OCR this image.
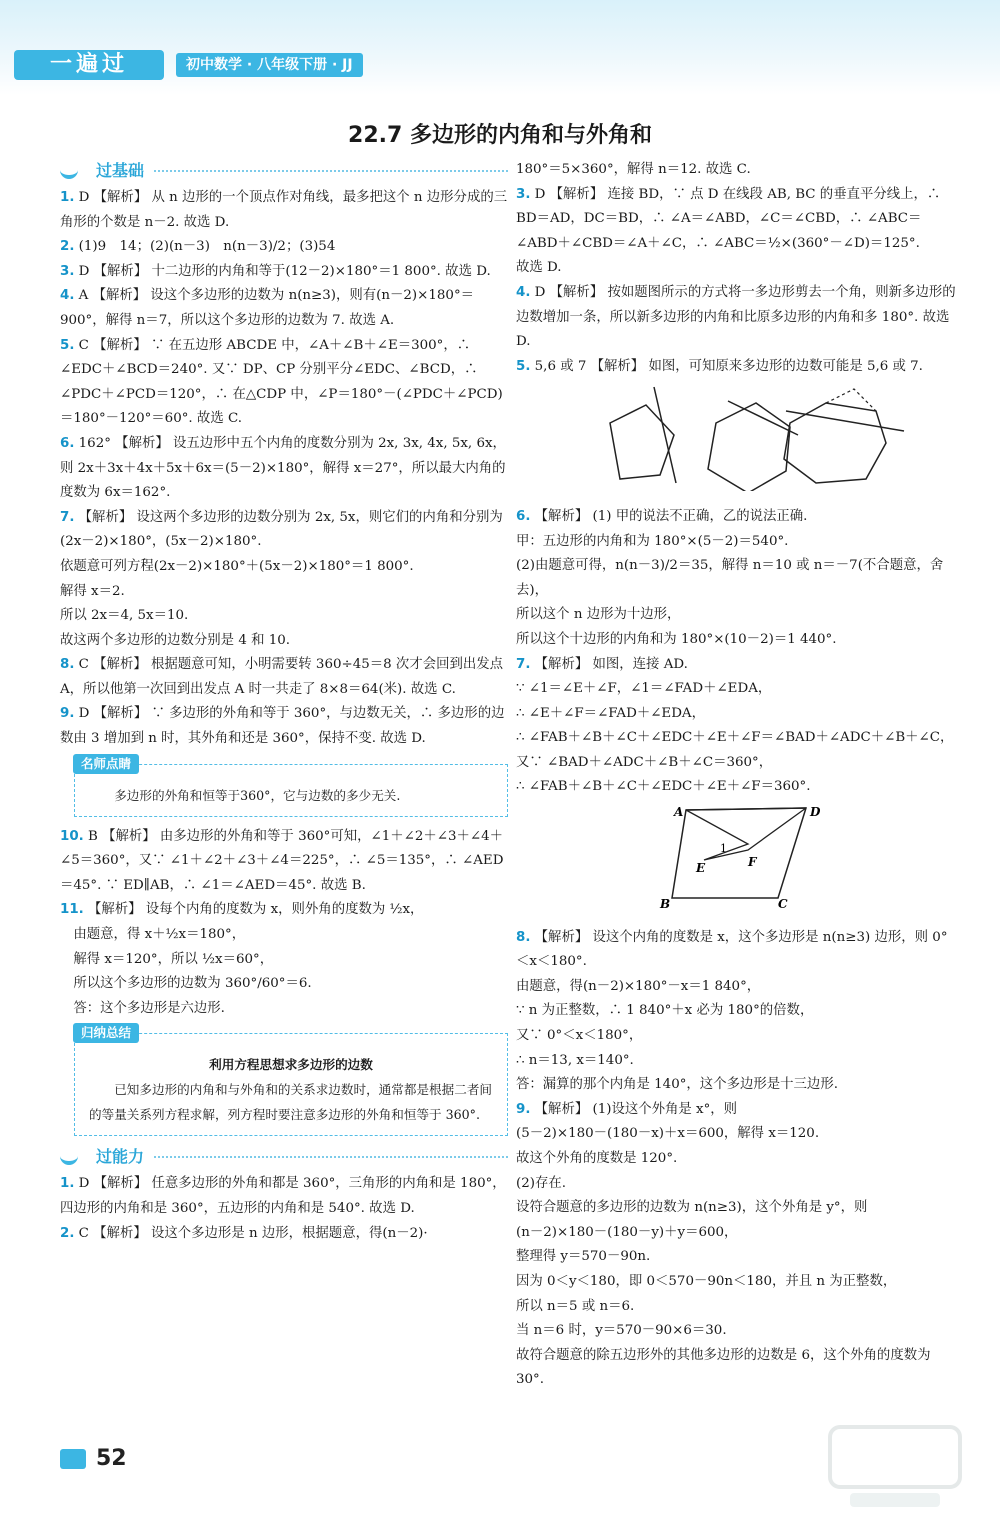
一遍过	初中数学 · 八年级下册 · JJ
22.7 多边形的内角和与外角和
过基础

1. D 【解析】 从 n 边形的一个顶点作对角线，最多把这个 n 边形分成的三角形的个数是 n－2. 故选 D.

2. (1)9　14；(2)(n－3)　n(n－3)/2；(3)54

3. D 【解析】 十二边形的内角和等于(12－2)×180°＝1 800°. 故选 D.

4. A 【解析】 设这个多边形的边数为 n(n≥3)，则有(n－2)×180°＝900°，解得 n＝7，所以这个多边形的边数为 7. 故选 A.

5. C 【解析】 ∵ 在五边形 ABCDE 中，∠A＋∠B＋∠E＝300°，∴ ∠EDC＋∠BCD＝240°. 又∵ DP、CP 分别平分∠EDC、∠BCD，∴ ∠PDC＋∠PCD＝120°，∴ 在△CDP 中，∠P＝180°－(∠PDC＋∠PCD)＝180°－120°＝60°. 故选 C.

6. 162° 【解析】 设五边形中五个内角的度数分别为 2x, 3x, 4x, 5x, 6x，则 2x＋3x＋4x＋5x＋6x＝(5－2)×180°，解得 x＝27°，所以最大内角的度数为 6x＝162°.

7. 【解析】 设这两个多边形的边数分别为 2x, 5x，则它们的内角和分别为(2x－2)×180°，(5x－2)×180°.
依题意可列方程(2x－2)×180°＋(5x－2)×180°＝1 800°.
解得 x＝2.
所以 2x＝4, 5x＝10.
故这两个多边形的边数分别是 4 和 10.

8. C 【解析】 根据题意可知，小明需要转 360÷45＝8 次才会回到出发点 A，所以他第一次回到出发点 A 时一共走了 8×8＝64(米). 故选 C.

9. D 【解析】 ∵ 多边形的外角和等于 360°，与边数无关，∴ 多边形的边数由 3 增加到 n 时，其外角和还是 360°，保持不变. 故选 D.

名师点睛
多边形的外角和恒等于360°，它与边数的多少无关.

10. B 【解析】 由多边形的外角和等于 360°可知，∠1＋∠2＋∠3＋∠4＋∠5＝360°，又∵ ∠1＋∠2＋∠3＋∠4＝225°，∴ ∠5＝135°，∴ ∠AED＝45°. ∵ ED∥AB，∴ ∠1＝∠AED＝45°. 故选 B.

11. 【解析】 设每个内角的度数为 x，则外角的度数为 ½x，
　由题意，得 x＋½x＝180°，
　解得 x＝120°，所以 ½x＝60°，
　所以这个多边形的边数为 360°/60°＝6.
　答：这个多边形是六边形.

归纳总结
利用方程思想求多边形的边数
已知多边形的内角和与外角和的关系求边数时，通常都是根据二者间的等量关系列方程求解，列方程时要注意多边形的外角和恒等于 360°.
过能力

1. D 【解析】 任意多边形的外角和都是 360°，三角形的内角和是 180°，四边形的内角和是 360°，五边形的内角和是 540°. 故选 D.

2. C 【解析】 设这个多边形是 n 边形，根据题意，得(n－2)·

180°＝5×360°，解得 n＝12. 故选 C.

3. D 【解析】 连接 BD，∵ 点 D 在线段 AB, BC 的垂直平分线上，∴ BD＝AD，DC＝BD，∴ ∠A＝∠ABD，∠C＝∠CBD，∴ ∠ABC＝∠ABD＋∠CBD＝∠A＋∠C，∴ ∠ABC＝½×(360°－∠D)＝125°.
故选 D.

4. D 【解析】 按如题图所示的方式将一多边形剪去一个角，则新多边形的边数增加一条，所以新多边形的内角和比原多边形的内角和多 180°. 故选 D.

5. 5,6 或 7 【解析】 如图，可知原来多边形的边数可能是 5,6 或 7.

6. 【解析】 (1) 甲的说法不正确，乙的说法正确.
甲：五边形的内角和为 180°×(5－2)＝540°.
(2)由题意可得，n(n－3)/2＝35，解得 n＝10 或 n＝－7(不合题意，舍去)，
所以这个 n 边形为十边形，
所以这个十边形的内角和为 180°×(10－2)＝1 440°.

7. 【解析】 如图，连接 AD.
∵ ∠1＝∠E＋∠F，∠1＝∠FAD＋∠EDA，
∴ ∠E＋∠F＝∠FAD＋∠EDA，
∴ ∠FAB＋∠B＋∠C＋∠EDC＋∠E＋∠F＝∠BAD＋∠ADC＋∠B＋∠C，
又∵ ∠BAD＋∠ADC＋∠B＋∠C＝360°，
∴ ∠FAB＋∠B＋∠C＋∠EDC＋∠E＋∠F＝360°.

A	D
E	F
1
B	C

8. 【解析】 设这个内角的度数是 x，这个多边形是 n(n≥3) 边形，则 0°＜x＜180°.
由题意，得(n－2)×180°－x＝1 840°，
∵ n 为正整数，∴ 1 840°＋x 必为 180°的倍数，
又∵ 0°＜x＜180°，
∴ n＝13, x＝140°.
答：漏算的那个内角是 140°，这个多边形是十三边形.

9. 【解析】 (1)设这个外角是 x°，则
(5－2)×180－(180－x)＋x＝600，解得 x＝120.
故这个外角的度数是 120°.
(2)存在.
设符合题意的多边形的边数为 n(n≥3)，这个外角是 y°，则
(n－2)×180－(180－y)＋y＝600，
整理得 y＝570－90n.
因为 0＜y＜180，即 0＜570－90n＜180，并且 n 为正整数，
所以 n＝5 或 n＝6.
当 n＝6 时，y＝570－90×6＝30.
故符合题意的除五边形外的其他多边形的边数是 6，这个外角的度数为 30°.

52
